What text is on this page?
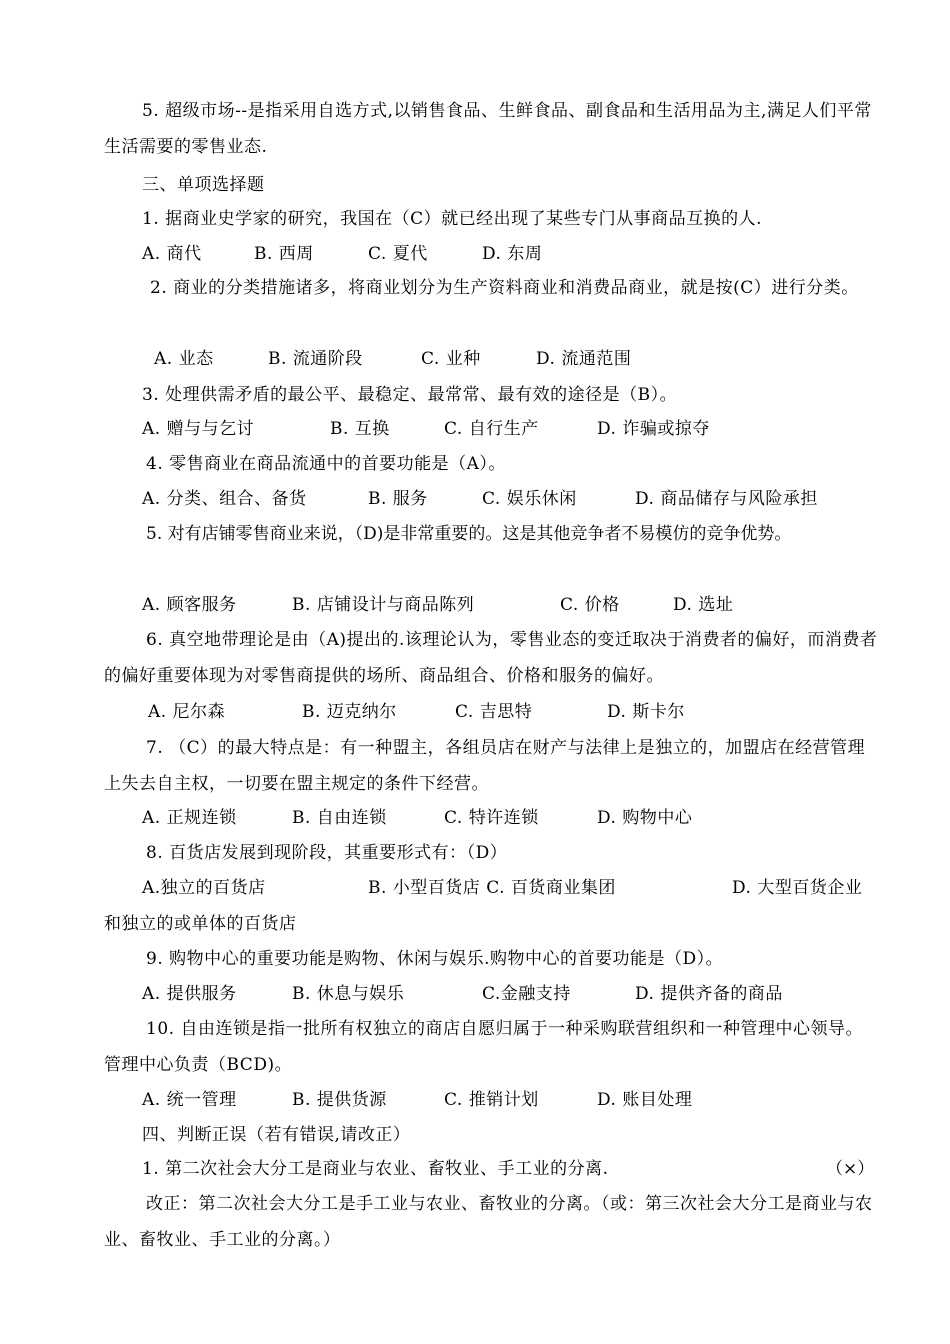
5. 超级市场--是指采用自选方式,以销售食品、生鲜食品、副食品和生活用品为主,满足人们平常生活需要的零售业态.
三、单项选择题
1. 据商业史学家的研究，我国在（C）就已经出现了某些专门从事商品互换的人.
A. 商代	B. 西周	C. 夏代	D. 东周
2. 商业的分类措施诸多，将商业划分为生产资料商业和消费品商业，就是按(C）进行分类。
A. 业态	B. 流通阶段	C. 业种	D. 流通范围
3. 处理供需矛盾的最公平、最稳定、最常常、最有效的途径是（B）。
A. 赠与与乞讨	B. 互换	C. 自行生产	D. 诈骗或掠夺
4. 零售商业在商品流通中的首要功能是（A）。
A. 分类、组合、备货	B. 服务	C. 娱乐休闲	D. 商品储存与风险承担
5. 对有店铺零售商业来说，（D)是非常重要的。这是其他竞争者不易模仿的竞争优势。
A. 顾客服务	B. 店铺设计与商品陈列	C. 价格	D. 选址
6. 真空地带理论是由（A)提出的.该理论认为，零售业态的变迁取决于消费者的偏好，而消费者的偏好重要体现为对零售商提供的场所、商品组合、价格和服务的偏好。
A. 尼尔森	B. 迈克纳尔	C. 吉思特	D. 斯卡尔
7. （C）的最大特点是：有一种盟主，各组员店在财产与法律上是独立的，加盟店在经营管理上失去自主权，一切要在盟主规定的条件下经营。
A. 正规连锁	B. 自由连锁	C. 特许连锁	D. 购物中心
8. 百货店发展到现阶段，其重要形式有：（D）
A.独立的百货店	B. 小型百货店 C. 百货商业集团	D. 大型百货企业和独立的或单体的百货店
9. 购物中心的重要功能是购物、休闲与娱乐.购物中心的首要功能是（D）。
A. 提供服务	B. 休息与娱乐	C.金融支持	D. 提供齐备的商品
10. 自由连锁是指一批所有权独立的商店自愿归属于一种采购联营组织和一种管理中心领导。管理中心负责（BCD)。
A. 统一管理	B. 提供货源	C. 推销计划	D. 账目处理
四、判断正误（若有错误,请改正）
1. 第二次社会大分工是商业与农业、畜牧业、手工业的分离.	（×）
改正：第二次社会大分工是手工业与农业、畜牧业的分离。（或：第三次社会大分工是商业与农业、畜牧业、手工业的分离。）
